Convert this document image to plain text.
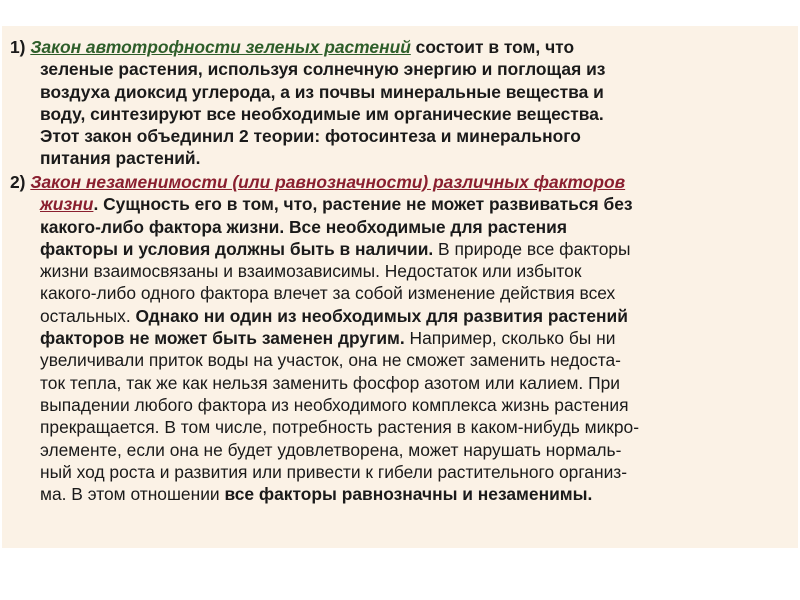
1) Закон автотрофности зеленых растений состоит в том, что
зеленые растения, используя солнечную энергию и поглощая из
воздуха диоксид углерода, а из почвы минеральные вещества и
воду, синтезируют все необходимые им органические вещества.
Этот закон объединил 2 теории: фотосинтеза и минерального
питания растений.
2) Закон незаменимости (или равнозначности) различных факторов
жизни. Сущность его в том, что, растение не может развиваться без
какого-либо фактора жизни. Все необходимые для растения
факторы и условия должны быть в наличии. В природе все факторы
жизни взаимосвязаны и взаимозависимы. Недостаток или избыток
какого-либо одного фактора влечет за собой изменение действия всех
остальных. Однако ни один из необходимых для развития растений
факторов не может быть заменен другим. Например, сколько бы ни
увеличивали приток воды на участок, она не сможет заменить недоста-
ток тепла, так же как нельзя заменить фосфор азотом или калием. При
выпадении любого фактора из необходимого комплекса жизнь растения
прекращается. В том числе, потребность растения в каком-нибудь микро-
элементе, если она не будет удовлетворена, может нарушать нормаль-
ный ход роста и развития или привести к гибели растительного организ-
ма. В этом отношении все факторы равнозначны и незаменимы.
